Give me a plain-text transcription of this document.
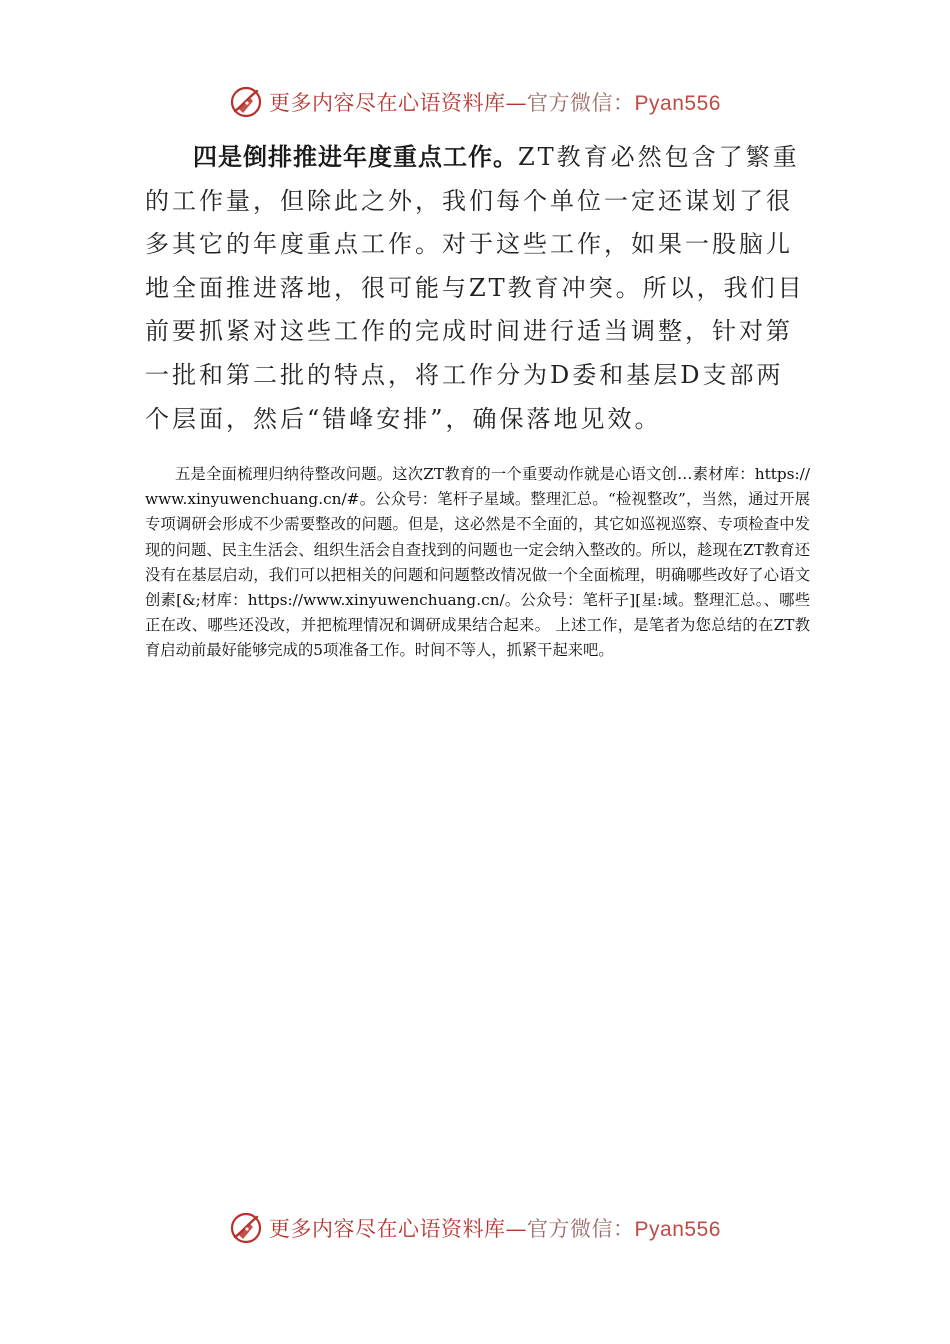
更多内容尽在心语资料库—官方微信：Pyan556

四是倒排推进年度重点工作。ZT教育必然包含了繁重的工作量，但除此之外，我们每个单位一定还谋划了很多其它的年度重点工作。对于这些工作，如果一股脑儿地全面推进落地，很可能与ZT教育冲突。所以，我们目前要抓紧对这些工作的完成时间进行适当调整，针对第一批和第二批的特点，将工作分为D委和基层D支部两个层面，然后“错峰安排”，确保落地见效。

五是全面梳理归纳待整改问题。这次ZT教育的一个重要动作就是心语文创…素材库：https://www.xinyuwenchuang.cn/#。公众号：笔杆子星域。整理汇总。“检视整改”，当然，通过开展专项调研会形成不少需要整改的问题。但是，这必然是不全面的，其它如巡视巡察、专项检查中发现的问题、民主生活会、组织生活会自查找到的问题也一定会纳入整改的。所以，趁现在ZT教育还没有在基层启动，我们可以把相关的问题和问题整改情况做一个全面梳理，明确哪些改好了心语文创素[&;材库：https://www.xinyuwenchuang.cn/。公众号：笔杆子][星:域。整理汇总。、哪些正在改、哪些还没改，并把梳理情况和调研成果结合起来。 上述工作，是笔者为您总结的在ZT教育启动前最好能够完成的5项准备工作。时间不等人，抓紧干起来吧。

更多内容尽在心语资料库—官方微信：Pyan556
